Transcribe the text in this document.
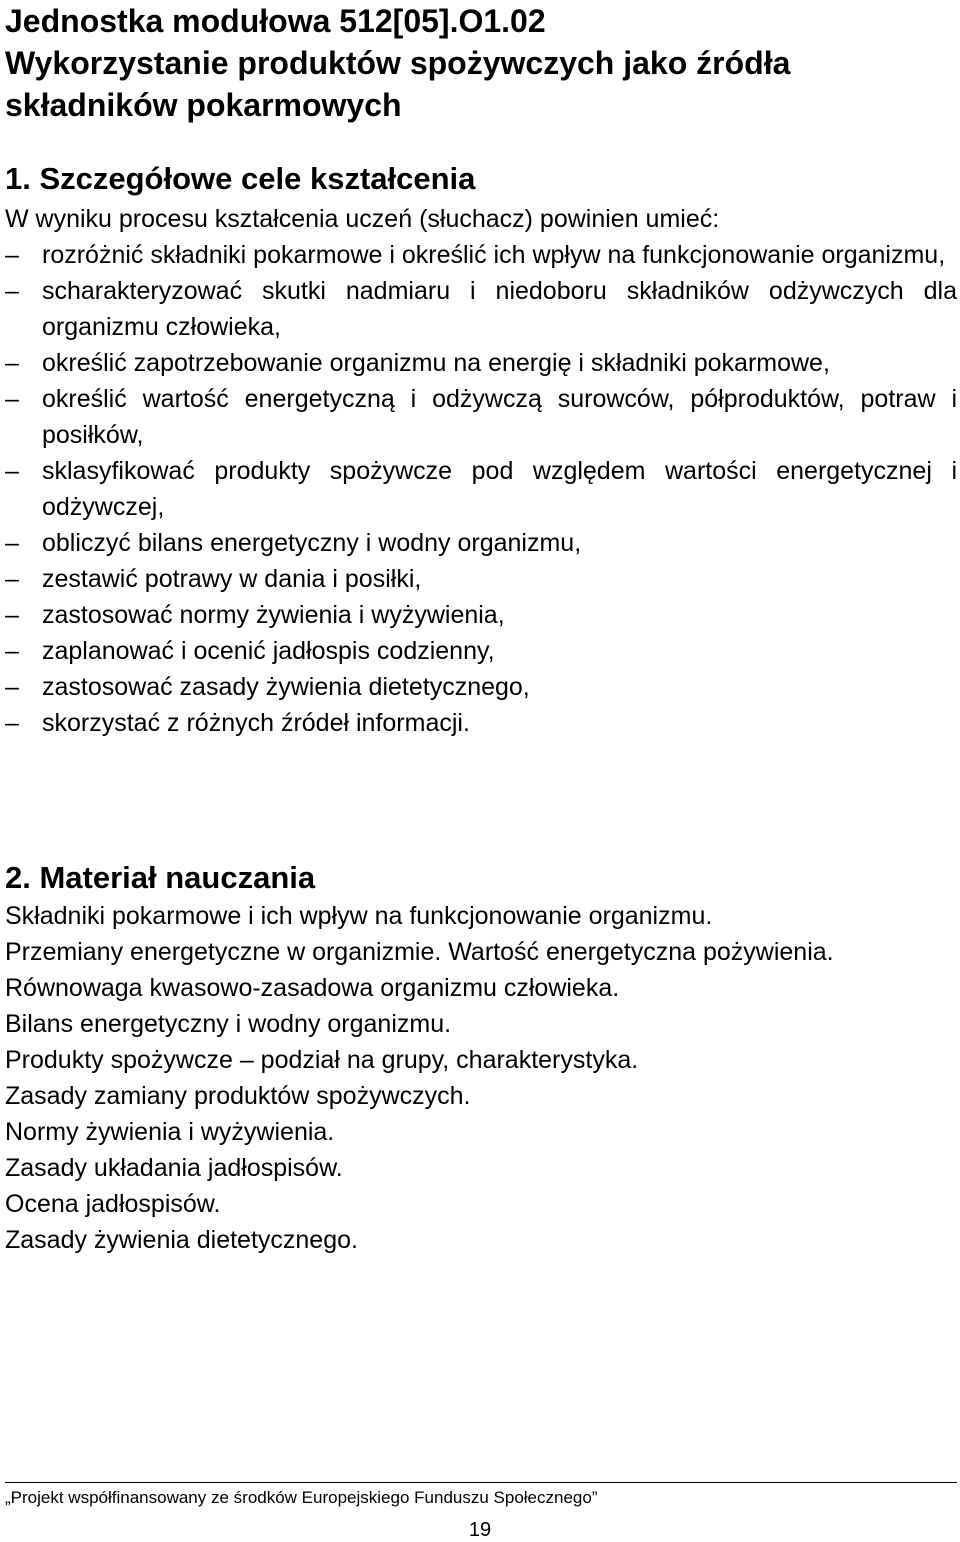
Jednostka modułowa 512[05].O1.02
Wykorzystanie produktów spożywczych jako źródła
składników pokarmowych
1. Szczegółowe cele kształcenia

W wyniku procesu kształcenia uczeń (słuchacz) powinien umieć:

– rozróżnić składniki pokarmowe i określić ich wpływ na funkcjonowanie organizmu,
– scharakteryzować skutki nadmiaru i niedoboru składników odżywczych dla organizmu człowieka,
– określić zapotrzebowanie organizmu na energię i składniki pokarmowe,
– określić wartość energetyczną i odżywczą surowców, półproduktów, potraw i posiłków,
– sklasyfikować produkty spożywcze pod względem wartości energetycznej i odżywczej,
– obliczyć bilans energetyczny i wodny organizmu,
– zestawić potrawy w dania i posiłki,
– zastosować normy żywienia i wyżywienia,
– zaplanować i ocenić jadłospis codzienny,
– zastosować zasady żywienia dietetycznego,
– skorzystać z różnych źródeł informacji.
2. Materiał nauczania
Składniki pokarmowe i ich wpływ na funkcjonowanie organizmu.
Przemiany energetyczne w organizmie. Wartość energetyczna pożywienia.
Równowaga kwasowo-zasadowa organizmu człowieka.
Bilans energetyczny i wodny organizmu.
Produkty spożywcze – podział na grupy, charakterystyka.
Zasady zamiany produktów spożywczych.
Normy żywienia i wyżywienia.
Zasady układania jadłospisów.
Ocena jadłospisów.
Zasady żywienia dietetycznego.

„Projekt współfinansowany ze środków Europejskiego Funduszu Społecznego”

19
